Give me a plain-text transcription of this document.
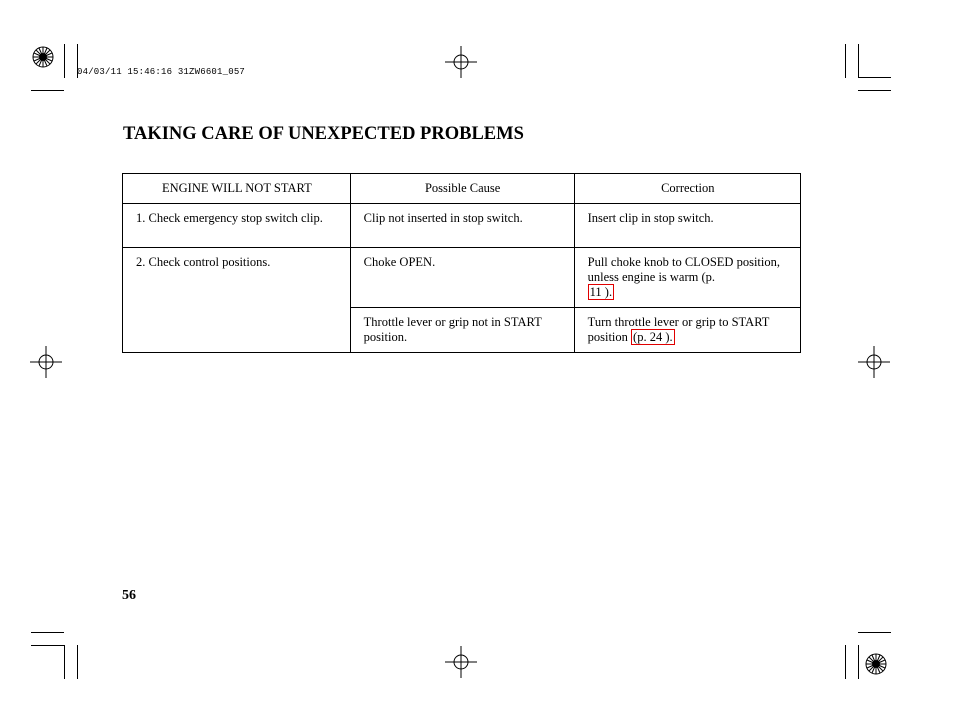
04/03/11 15:46:16 31ZW6601_057
TAKING CARE OF UNEXPECTED PROBLEMS
ENGINE WILL NOT START	Possible Cause	Correction

1. Check emergency stop switch clip.	Clip not inserted in stop switch.	Insert clip in stop switch.

2. Check control positions.	Choke OPEN.	Pull choke knob to CLOSED position, unless engine is warm (p.
11 ).
	Throttle lever or grip not in START position.	Turn throttle lever or grip to START position (p. 24 ).
56
